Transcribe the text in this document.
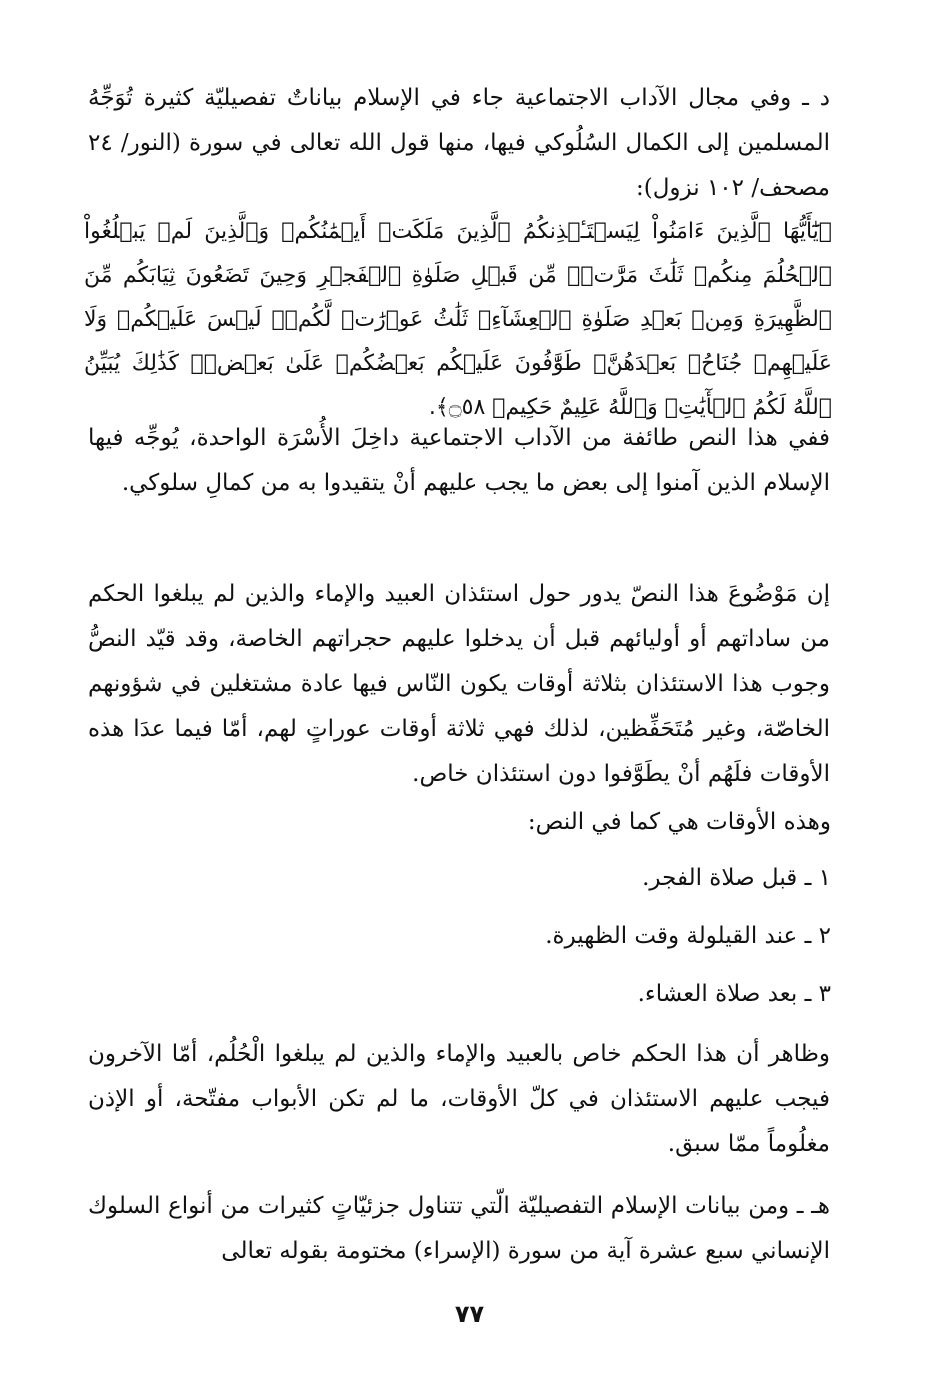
د ـ وفي مجال الآداب الاجتماعية جاء في الإسلام بياناتٌ تفصيليّة كثيرة تُوَجِّهُ المسلمين إلى الكمال السُلُوكي فيها، منها قول الله تعالى في سورة (النور/ ٢٤ مصحف/ ١٠٢ نزول):

﴿يَٰٓأَيُّهَا ٱلَّذِينَ ءَامَنُواْ لِيَسۡتَـٔۡذِنكُمُ ٱلَّذِينَ مَلَكَتۡ أَيۡمَٰنُكُمۡ وَٱلَّذِينَ لَمۡ يَبۡلُغُواْ ٱلۡحُلُمَ مِنكُمۡ ثَلَٰثَ مَرَّٰتٖۚ مِّن قَبۡلِ صَلَوٰةِ ٱلۡفَجۡرِ وَحِينَ تَضَعُونَ ثِيَابَكُم مِّنَ ٱلظَّهِيرَةِ وَمِنۢ بَعۡدِ صَلَوٰةِ ٱلۡعِشَآءِۚ ثَلَٰثُ عَوۡرَٰتٖ لَّكُمۡۚ لَيۡسَ عَلَيۡكُمۡ وَلَا عَلَيۡهِمۡ جُنَاحُۢ بَعۡدَهُنَّۚ طَوَّٰفُونَ عَلَيۡكُم بَعۡضُكُمۡ عَلَىٰ بَعۡضٖۚ كَذَٰلِكَ يُبَيِّنُ ٱللَّهُ لَكُمُ ٱلۡأٓيَٰتِۗ وَٱللَّهُ عَلِيمٌ حَكِيمٞ ۝٥٨﴾.

ففي هذا النص طائفة من الآداب الاجتماعية داخِلَ الأُسْرَة الواحدة، يُوجِّه فيها الإسلام الذين آمنوا إلى بعض ما يجب عليهم أنْ يتقيدوا به من كمالِ سلوكي.

إن مَوْضُوعَ هذا النصّ يدور حول استئذان العبيد والإماء والذين لم يبلغوا الحكم من ساداتهم أو أوليائهم قبل أن يدخلوا عليهم حجراتهم الخاصة، وقد قيّد النصُّ وجوب هذا الاستئذان بثلاثة أوقات يكون النّاس فيها عادة مشتغلين في شؤونهم الخاصّة، وغير مُتَحَفِّظين، لذلك فهي ثلاثة أوقات عوراتٍ لهم، أمّا فيما عدَا هذه الأوقات فلَهُم أنْ يطَوَّفوا دون استئذان خاص.

وهذه الأوقات هي كما في النص:

١ ـ قبل صلاة الفجر.

٢ ـ عند القيلولة وقت الظهيرة.

٣ ـ بعد صلاة العشاء.

وظاهر أن هذا الحكم خاص بالعبيد والإماء والذين لم يبلغوا الْحُلُم، أمّا الآخرون فيجب عليهم الاستئذان في كلّ الأوقات، ما لم تكن الأبواب مفتّحة، أو الإذن مغلُوماً ممّا سبق.

هـ ـ ومن بيانات الإسلام التفصيليّة الّتي تتناول جزئيّاتٍ كثيرات من أنواع السلوك الإنساني سبع عشرة آية من سورة (الإسراء) مختومة بقوله تعالى

٧٧
